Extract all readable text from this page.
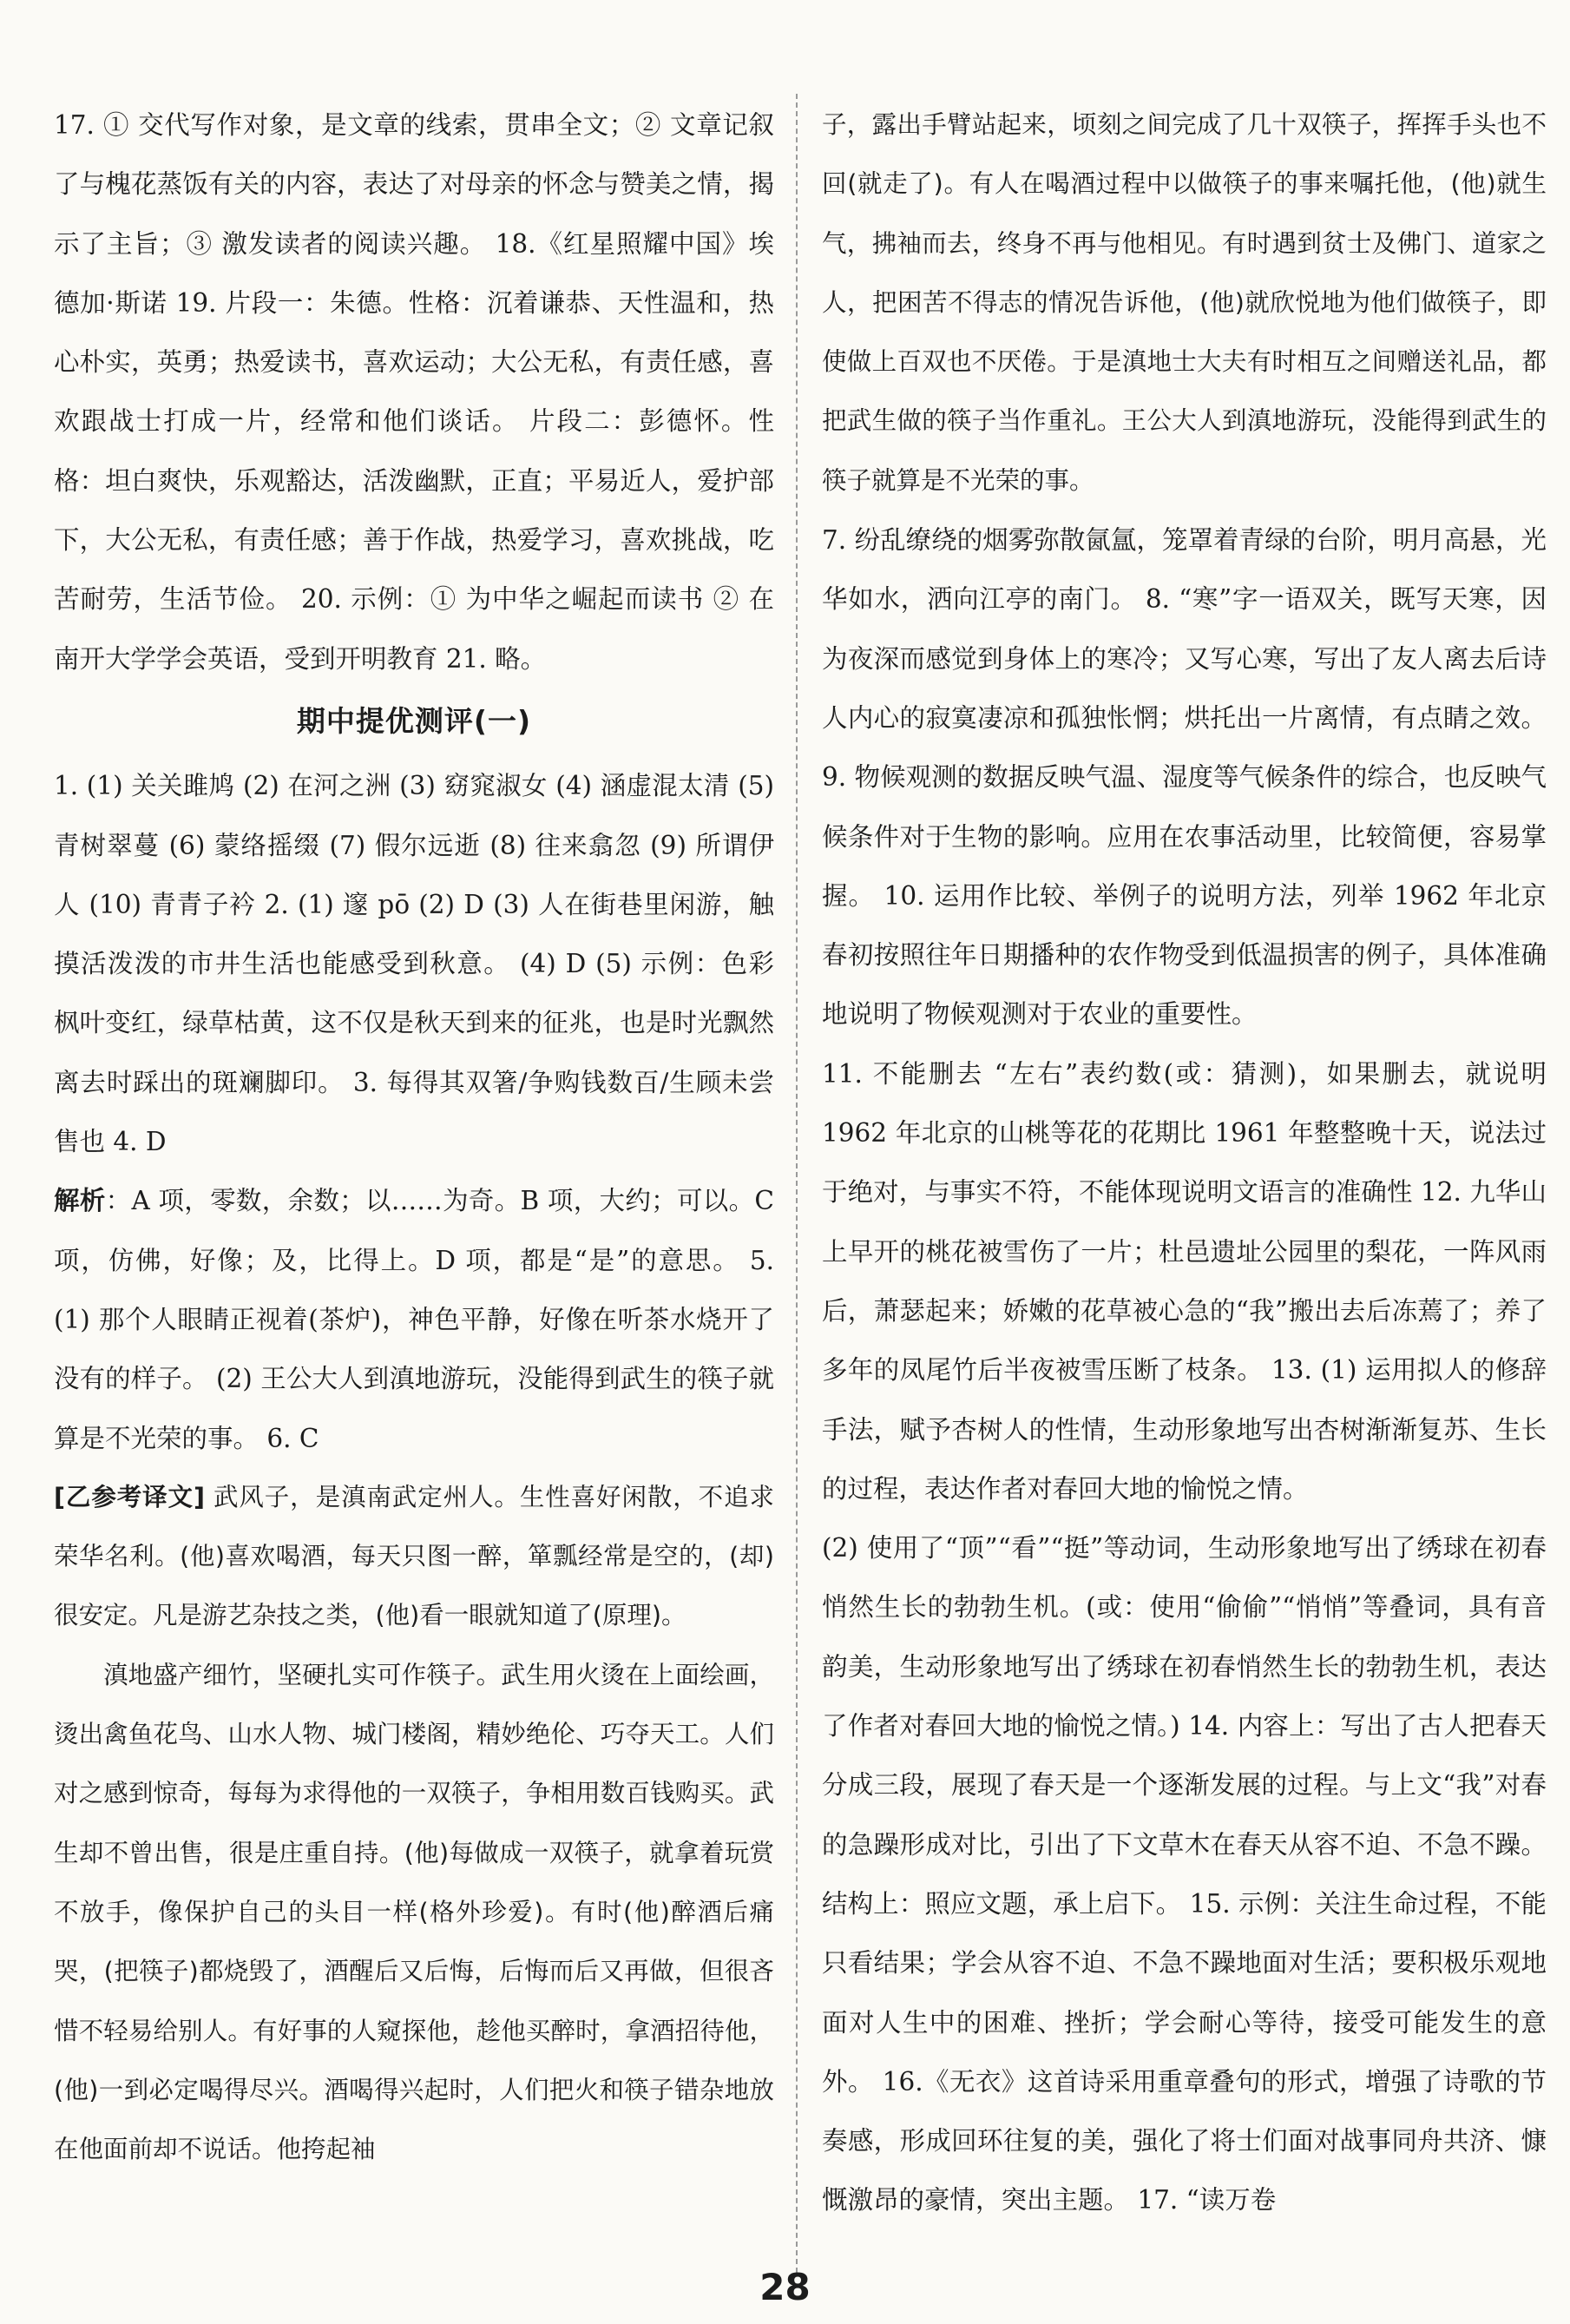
17. ① 交代写作对象，是文章的线索，贯串全文；② 文章记叙了与槐花蒸饭有关的内容，表达了对母亲的怀念与赞美之情，揭示了主旨；③ 激发读者的阅读兴趣。 18.《红星照耀中国》埃德加·斯诺 19. 片段一：朱德。性格：沉着谦恭、天性温和，热心朴实，英勇；热爱读书，喜欢运动；大公无私，有责任感，喜欢跟战士打成一片，经常和他们谈话。 片段二：彭德怀。性格：坦白爽快，乐观豁达，活泼幽默，正直；平易近人，爱护部下，大公无私，有责任感；善于作战，热爱学习，喜欢挑战，吃苦耐劳，生活节俭。 20. 示例：① 为中华之崛起而读书 ② 在南开大学学会英语，受到开明教育 21. 略。

期中提优测评(一)

1. (1) 关关雎鸠 (2) 在河之洲 (3) 窈窕淑女 (4) 涵虚混太清 (5) 青树翠蔓 (6) 蒙络摇缀 (7) 假尔远逝 (8) 往来翕忽 (9) 所谓伊人 (10) 青青子衿 2. (1) 邃 pō (2) D (3) 人在街巷里闲游，触摸活泼泼的市井生活也能感受到秋意。 (4) D (5) 示例：色彩 枫叶变红，绿草枯黄，这不仅是秋天到来的征兆，也是时光飘然离去时踩出的斑斓脚印。 3. 每得其双箸/争购钱数百/生顾未尝售也 4. D

解析：A 项，零数，余数；以……为奇。B 项，大约；可以。C 项，仿佛，好像；及，比得上。D 项，都是“是”的意思。 5. (1) 那个人眼睛正视着(茶炉)，神色平静，好像在听茶水烧开了没有的样子。 (2) 王公大人到滇地游玩，没能得到武生的筷子就算是不光荣的事。 6. C

[乙参考译文] 武风子，是滇南武定州人。生性喜好闲散，不追求荣华名利。(他)喜欢喝酒，每天只图一醉，箪瓢经常是空的，(却)很安定。凡是游艺杂技之类，(他)看一眼就知道了(原理)。

滇地盛产细竹，坚硬扎实可作筷子。武生用火烫在上面绘画，烫出禽鱼花鸟、山水人物、城门楼阁，精妙绝伦、巧夺天工。人们对之感到惊奇，每每为求得他的一双筷子，争相用数百钱购买。武生却不曾出售，很是庄重自持。(他)每做成一双筷子，就拿着玩赏不放手，像保护自己的头目一样(格外珍爱)。有时(他)醉酒后痛哭，(把筷子)都烧毁了，酒醒后又后悔，后悔而后又再做，但很吝惜不轻易给别人。有好事的人窥探他，趁他买醉时，拿酒招待他，(他)一到必定喝得尽兴。酒喝得兴起时，人们把火和筷子错杂地放在他面前却不说话。他挎起袖

子，露出手臂站起来，顷刻之间完成了几十双筷子，挥挥手头也不回(就走了)。有人在喝酒过程中以做筷子的事来嘱托他，(他)就生气，拂袖而去，终身不再与他相见。有时遇到贫士及佛门、道家之人，把困苦不得志的情况告诉他，(他)就欣悦地为他们做筷子，即使做上百双也不厌倦。于是滇地士大夫有时相互之间赠送礼品，都把武生做的筷子当作重礼。王公大人到滇地游玩，没能得到武生的筷子就算是不光荣的事。

7. 纷乱缭绕的烟雾弥散氤氲，笼罩着青绿的台阶，明月高悬，光华如水，洒向江亭的南门。 8. “寒”字一语双关，既写天寒，因为夜深而感觉到身体上的寒冷；又写心寒，写出了友人离去后诗人内心的寂寞凄凉和孤独怅惘；烘托出一片离情，有点睛之效。 9. 物候观测的数据反映气温、湿度等气候条件的综合，也反映气候条件对于生物的影响。应用在农事活动里，比较简便，容易掌握。 10. 运用作比较、举例子的说明方法，列举 1962 年北京春初按照往年日期播种的农作物受到低温损害的例子，具体准确地说明了物候观测对于农业的重要性。

11. 不能删去 “左右”表约数(或：猜测)，如果删去，就说明 1962 年北京的山桃等花的花期比 1961 年整整晚十天，说法过于绝对，与事实不符，不能体现说明文语言的准确性 12. 九华山上早开的桃花被雪伤了一片；杜邑遗址公园里的梨花，一阵风雨后，萧瑟起来；娇嫩的花草被心急的“我”搬出去后冻蔫了；养了多年的凤尾竹后半夜被雪压断了枝条。 13. (1) 运用拟人的修辞手法，赋予杏树人的性情，生动形象地写出杏树渐渐复苏、生长的过程，表达作者对春回大地的愉悦之情。

(2) 使用了“顶”“看”“挺”等动词，生动形象地写出了绣球在初春悄然生长的勃勃生机。(或：使用“偷偷”“悄悄”等叠词，具有音韵美，生动形象地写出了绣球在初春悄然生长的勃勃生机，表达了作者对春回大地的愉悦之情。) 14. 内容上：写出了古人把春天分成三段，展现了春天是一个逐渐发展的过程。与上文“我”对春的急躁形成对比，引出了下文草木在春天从容不迫、不急不躁。结构上：照应文题，承上启下。 15. 示例：关注生命过程，不能只看结果；学会从容不迫、不急不躁地面对生活；要积极乐观地面对人生中的困难、挫折；学会耐心等待，接受可能发生的意外。 16.《无衣》这首诗采用重章叠句的形式，增强了诗歌的节奏感，形成回环往复的美，强化了将士们面对战事同舟共济、慷慨激昂的豪情，突出主题。 17. “读万卷

28
